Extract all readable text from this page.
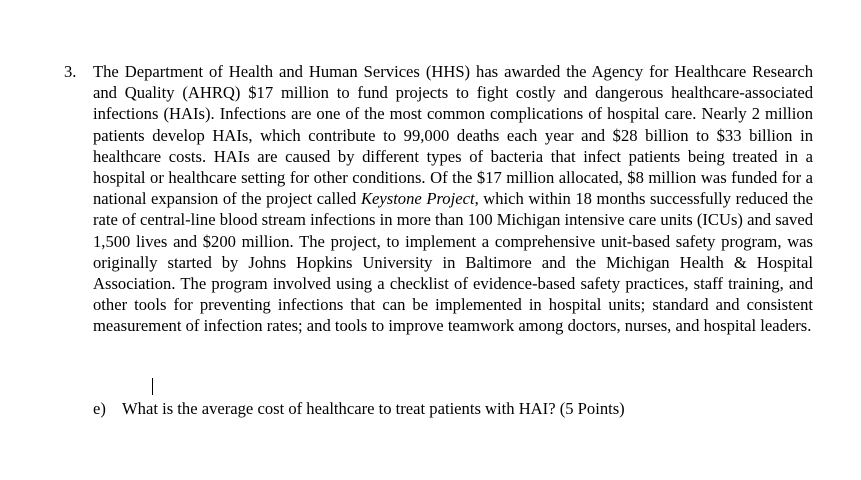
3. The Department of Health and Human Services (HHS) has awarded the Agency for Healthcare Research and Quality (AHRQ) $17 million to fund projects to fight costly and dangerous healthcare-associated infections (HAIs). Infections are one of the most common complications of hospital care. Nearly 2 million patients develop HAIs, which contribute to 99,000 deaths each year and $28 billion to $33 billion in healthcare costs. HAIs are caused by different types of bacteria that infect patients being treated in a hospital or healthcare setting for other conditions. Of the $17 million allocated, $8 million was funded for a national expansion of the project called Keystone Project, which within 18 months successfully reduced the rate of central-line blood stream infections in more than 100 Michigan intensive care units (ICUs) and saved 1,500 lives and $200 million. The project, to implement a comprehensive unit-based safety program, was originally started by Johns Hopkins University in Baltimore and the Michigan Health & Hospital Association. The program involved using a checklist of evidence-based safety practices, staff training, and other tools for preventing infections that can be implemented in hospital units; standard and consistent measurement of infection rates; and tools to improve teamwork among doctors, nurses, and hospital leaders.
e) What is the average cost of healthcare to treat patients with HAI? (5 Points)
